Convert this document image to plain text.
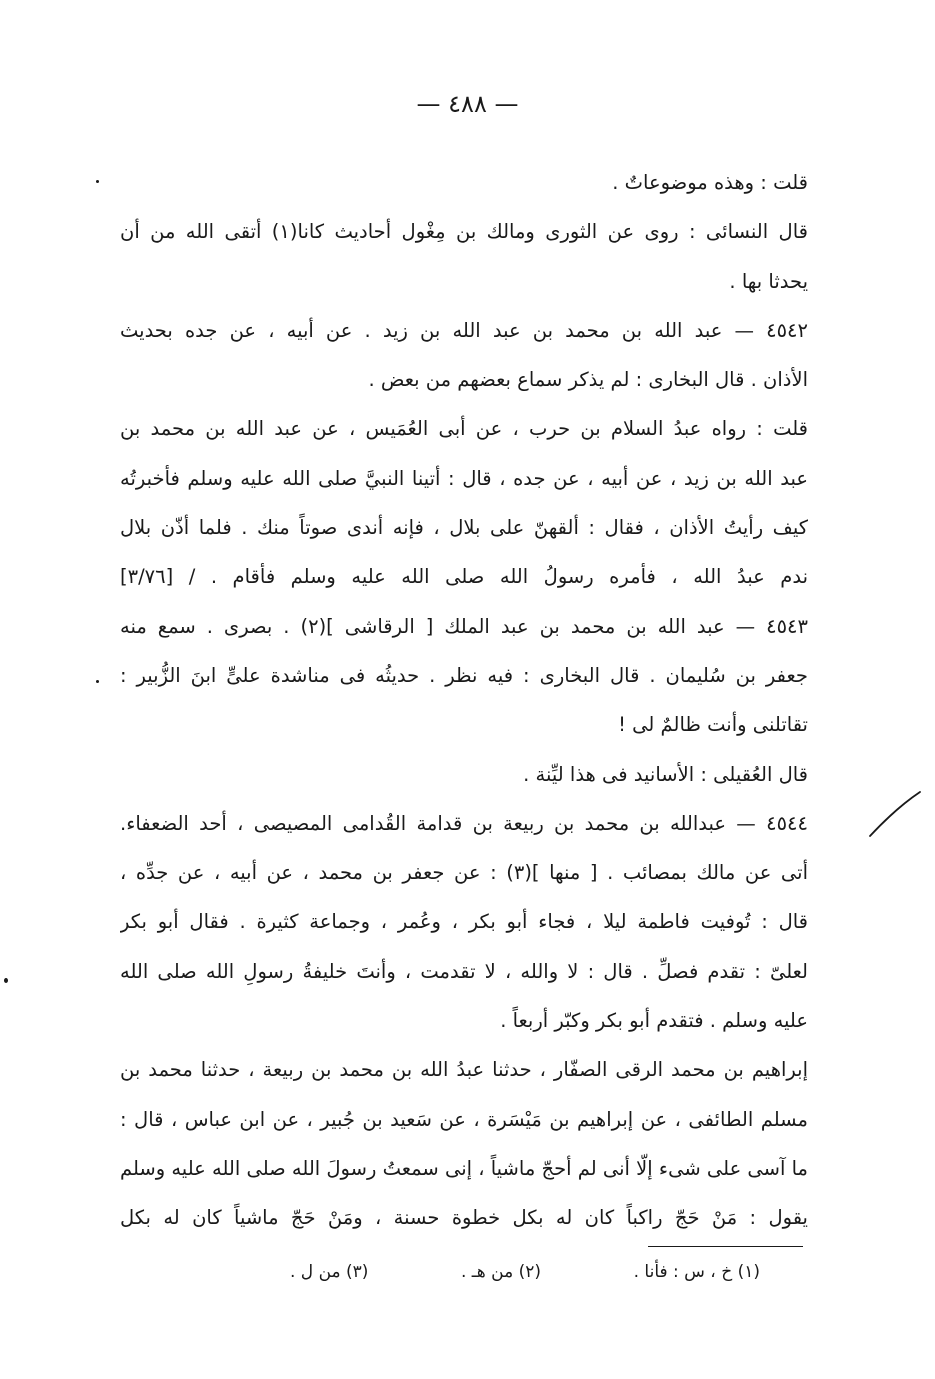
— ٤٨٨ —
قلت : وهذه موضوعاتٌ .
قال النسائى : روى عن الثورى ومالك بن مِغْول أحاديث كانا(١) أتقى الله من أن
يحدثا بها .
٤٥٤٢ — عبد الله بن محمد بن عبد الله بن زيد . عن أبيه ، عن جده بحديث
الأذان . قال البخارى : لم يذكر سماع بعضهم من بعض .
قلت : رواه عبدُ السلام بن حرب ، عن أبى العُمَيس ، عن عبد الله بن محمد بن
عبد الله بن زيد ، عن أبيه ، عن جده ، قال : أتينا النبيَّ صلى الله عليه وسلم فأخبرتُه
كيف رأيتُ الأذان ، فقال : ألقهنّ على بلال ، فإنه أندى صوتاً منك . فلما أذّن بلال
ندم عبدُ الله ، فأمره رسولُ الله صلى الله عليه وسلم فأقام . / [٣/٧٦]
٤٥٤٣ — عبد الله بن محمد بن عبد الملك [ الرقاشى ](٢) . بصرى . سمع منه
جعفر بن سُليمان . قال البخارى : فيه نظر . حديثُه فى مناشدة علىٍّ ابنَ الزُّبير :
تقاتلنى وأنت ظالمٌ لى !
قال العُقيلى : الأسانيد فى هذا ليِّنة .
٤٥٤٤ — عبدالله بن محمد بن ربيعة بن قدامة القُدامى المصيصى ، أحد الضعفاء.
أتى عن مالك بمصائب . [ منها ](٣) : عن جعفر بن محمد ، عن أبيه ، عن جدِّه ،
قال : تُوفيت فاطمة ليلا ، فجاء أبو بكر ، وعُمر ، وجماعة كثيرة . فقال أبو بكر
لعلىّ : تقدم فصلِّ . قال : لا والله ، لا تقدمت ، وأنتَ خليفةُ رسولِ الله صلى الله
عليه وسلم . فتقدم أبو بكر وكبّر أربعاً .
إبراهيم بن محمد الرقى الصفّار ، حدثنا عبدُ الله بن محمد بن ربيعة ، حدثنا محمد بن
مسلم الطائفى ، عن إبراهيم بن مَيْسَرة ، عن سَعيد بن جُبير ، عن ابن عباس ، قال :
ما آسى على شىء إلّا أنى لم أحجّ ماشياً ، إنى سمعتُ رسولَ الله صلى الله عليه وسلم
يقول : مَنْ حَجّ راكباً كان له بكل خطوة حسنة ، ومَنْ حَجّ ماشياً كان له بكل
(١) خ ، س : فأنا .
(٢) من هـ .
(٣) من ل .
